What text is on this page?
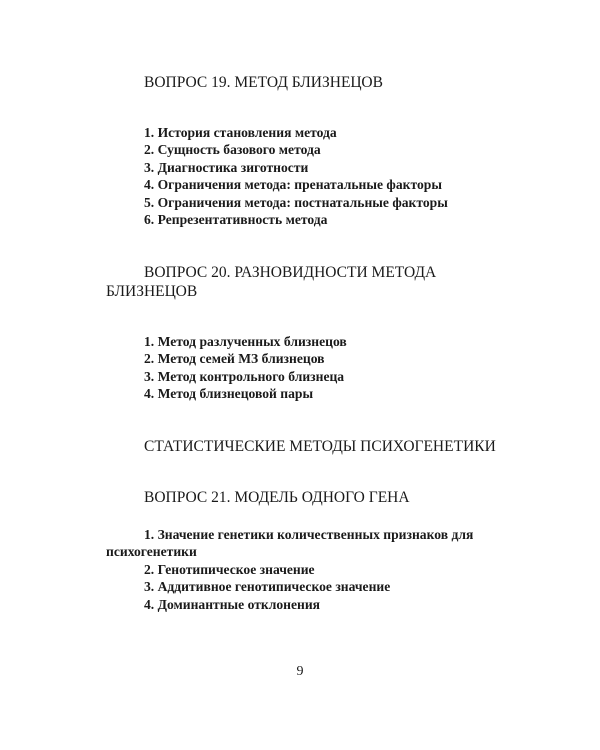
ВОПРОС 19. МЕТОД БЛИЗНЕЦОВ
1. История становления метода
2. Сущность базового метода
3. Диагностика зиготности
4. Ограничения метода: пренатальные факторы
5. Ограничения метода: постнатальные факторы
6. Репрезентативность метода
ВОПРОС 20. РАЗНОВИДНОСТИ МЕТОДА БЛИЗНЕЦОВ
1. Метод разлученных близнецов
2. Метод семей МЗ близнецов
3. Метод контрольного близнеца
4. Метод близнецовой пары
СТАТИСТИЧЕСКИЕ МЕТОДЫ ПСИХОГЕНЕТИКИ
ВОПРОС 21. МОДЕЛЬ ОДНОГО ГЕНА
1. Значение генетики количественных признаков для психогенетики
2. Генотипическое значение
3. Аддитивное генотипическое значение
4. Доминантные отклонения
9
